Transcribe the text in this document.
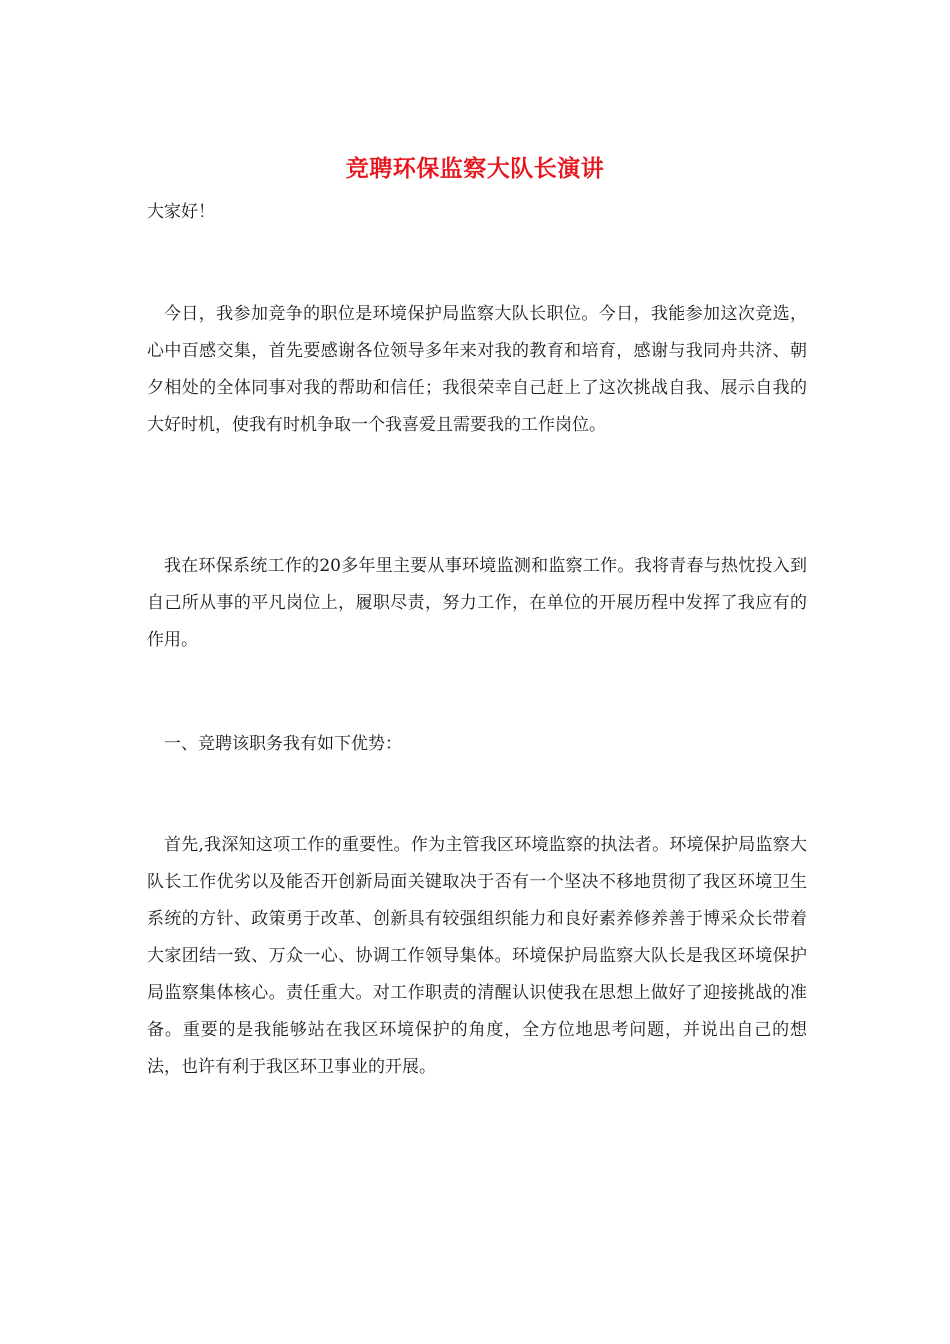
竞聘环保监察大队长演讲
大家好！
今日，我参加竞争的职位是环境保护局监察大队长职位。今日，我能参加这次竞选，心中百感交集，首先要感谢各位领导多年来对我的教育和培育，感谢与我同舟共济、朝夕相处的全体同事对我的帮助和信任；我很荣幸自己赶上了这次挑战自我、展示自我的大好时机，使我有时机争取一个我喜爱且需要我的工作岗位。
我在环保系统工作的20多年里主要从事环境监测和监察工作。我将青春与热忱投入到自己所从事的平凡岗位上，履职尽责，努力工作，在单位的开展历程中发挥了我应有的作用。
一、竞聘该职务我有如下优势：
首先,我深知这项工作的重要性。作为主管我区环境监察的执法者。环境保护局监察大队长工作优劣以及能否开创新局面关键取决于否有一个坚决不移地贯彻了我区环境卫生系统的方针、政策勇于改革、创新具有较强组织能力和良好素养修养善于博采众长带着大家团结一致、万众一心、协调工作领导集体。环境保护局监察大队长是我区环境保护局监察集体核心。责任重大。对工作职责的清醒认识使我在思想上做好了迎接挑战的准备。重要的是我能够站在我区环境保护的角度，全方位地思考问题，并说出自己的想法，也许有利于我区环卫事业的开展。
